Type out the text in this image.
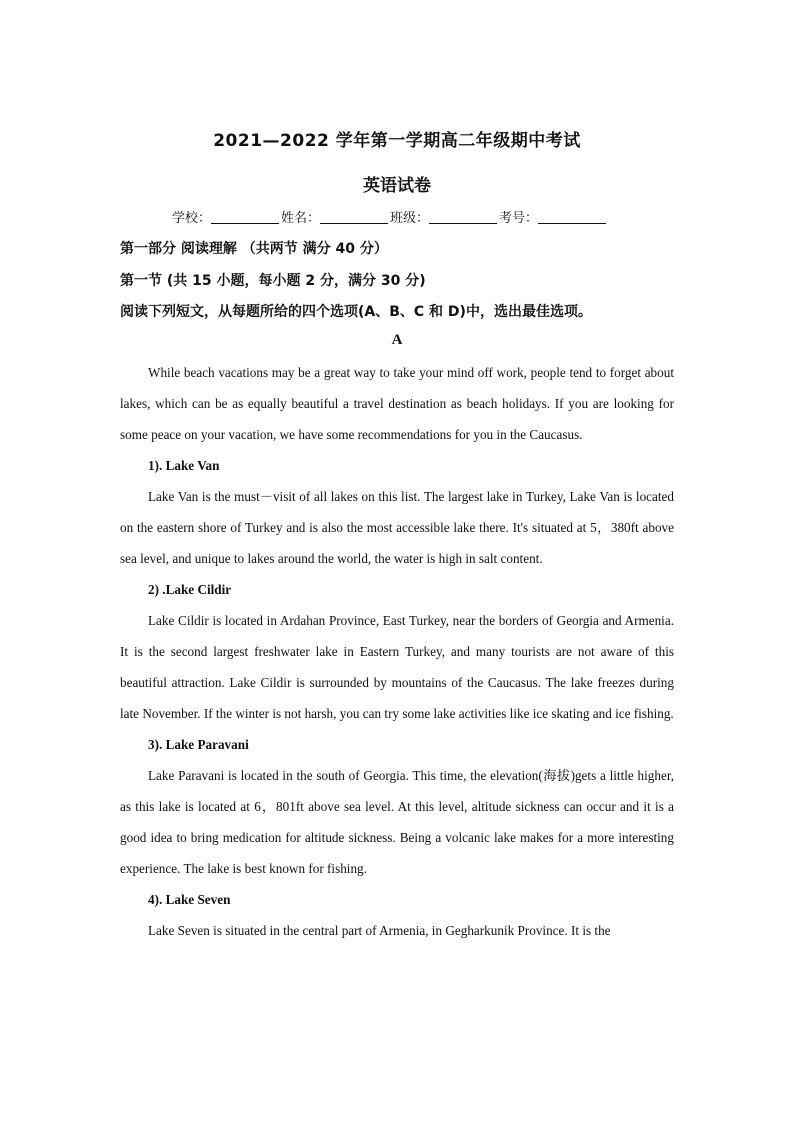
2021—2022 学年第一学期高二年级期中考试
英语试卷
学校：	姓名：	班级：	考号：
第一部分 阅读理解 （共两节 满分 40 分）
第一节 (共 15 小题，每小题 2 分，满分 30 分)
阅读下列短文，从每题所给的四个选项(A、B、C 和 D)中，选出最佳选项。
A

While beach vacations may be a great way to take your mind off work, people tend to forget about lakes, which can be as equally beautiful a travel destination as beach holidays. If you are looking for some peace on your vacation, we have some recommendations for you in the Caucasus.

1). Lake Van

Lake Van is the must－visit of all lakes on this list. The largest lake in Turkey, Lake Van is located on the eastern shore of Turkey and is also the most accessible lake there. It's situated at 5，380ft above sea level, and unique to lakes around the world, the water is high in salt content.

2) .Lake Cildir

Lake Cildir is located in Ardahan Province, East Turkey, near the borders of Georgia and Armenia. It is the second largest freshwater lake in Eastern Turkey, and many tourists are not aware of this beautiful attraction. Lake Cildir is surrounded by mountains of the Caucasus. The lake freezes during late November. If the winter is not harsh, you can try some lake activities like ice skating and ice fishing.

3). Lake Paravani

Lake Paravani is located in the south of Georgia. This time, the elevation(海拔)gets a little higher, as this lake is located at 6，801ft above sea level. At this level, altitude sickness can occur and it is a good idea to bring medication for altitude sickness. Being a volcanic lake makes for a more interesting experience. The lake is best known for fishing.

4). Lake Seven

Lake Seven is situated in the central part of Armenia, in Gegharkunik Province. It is the
